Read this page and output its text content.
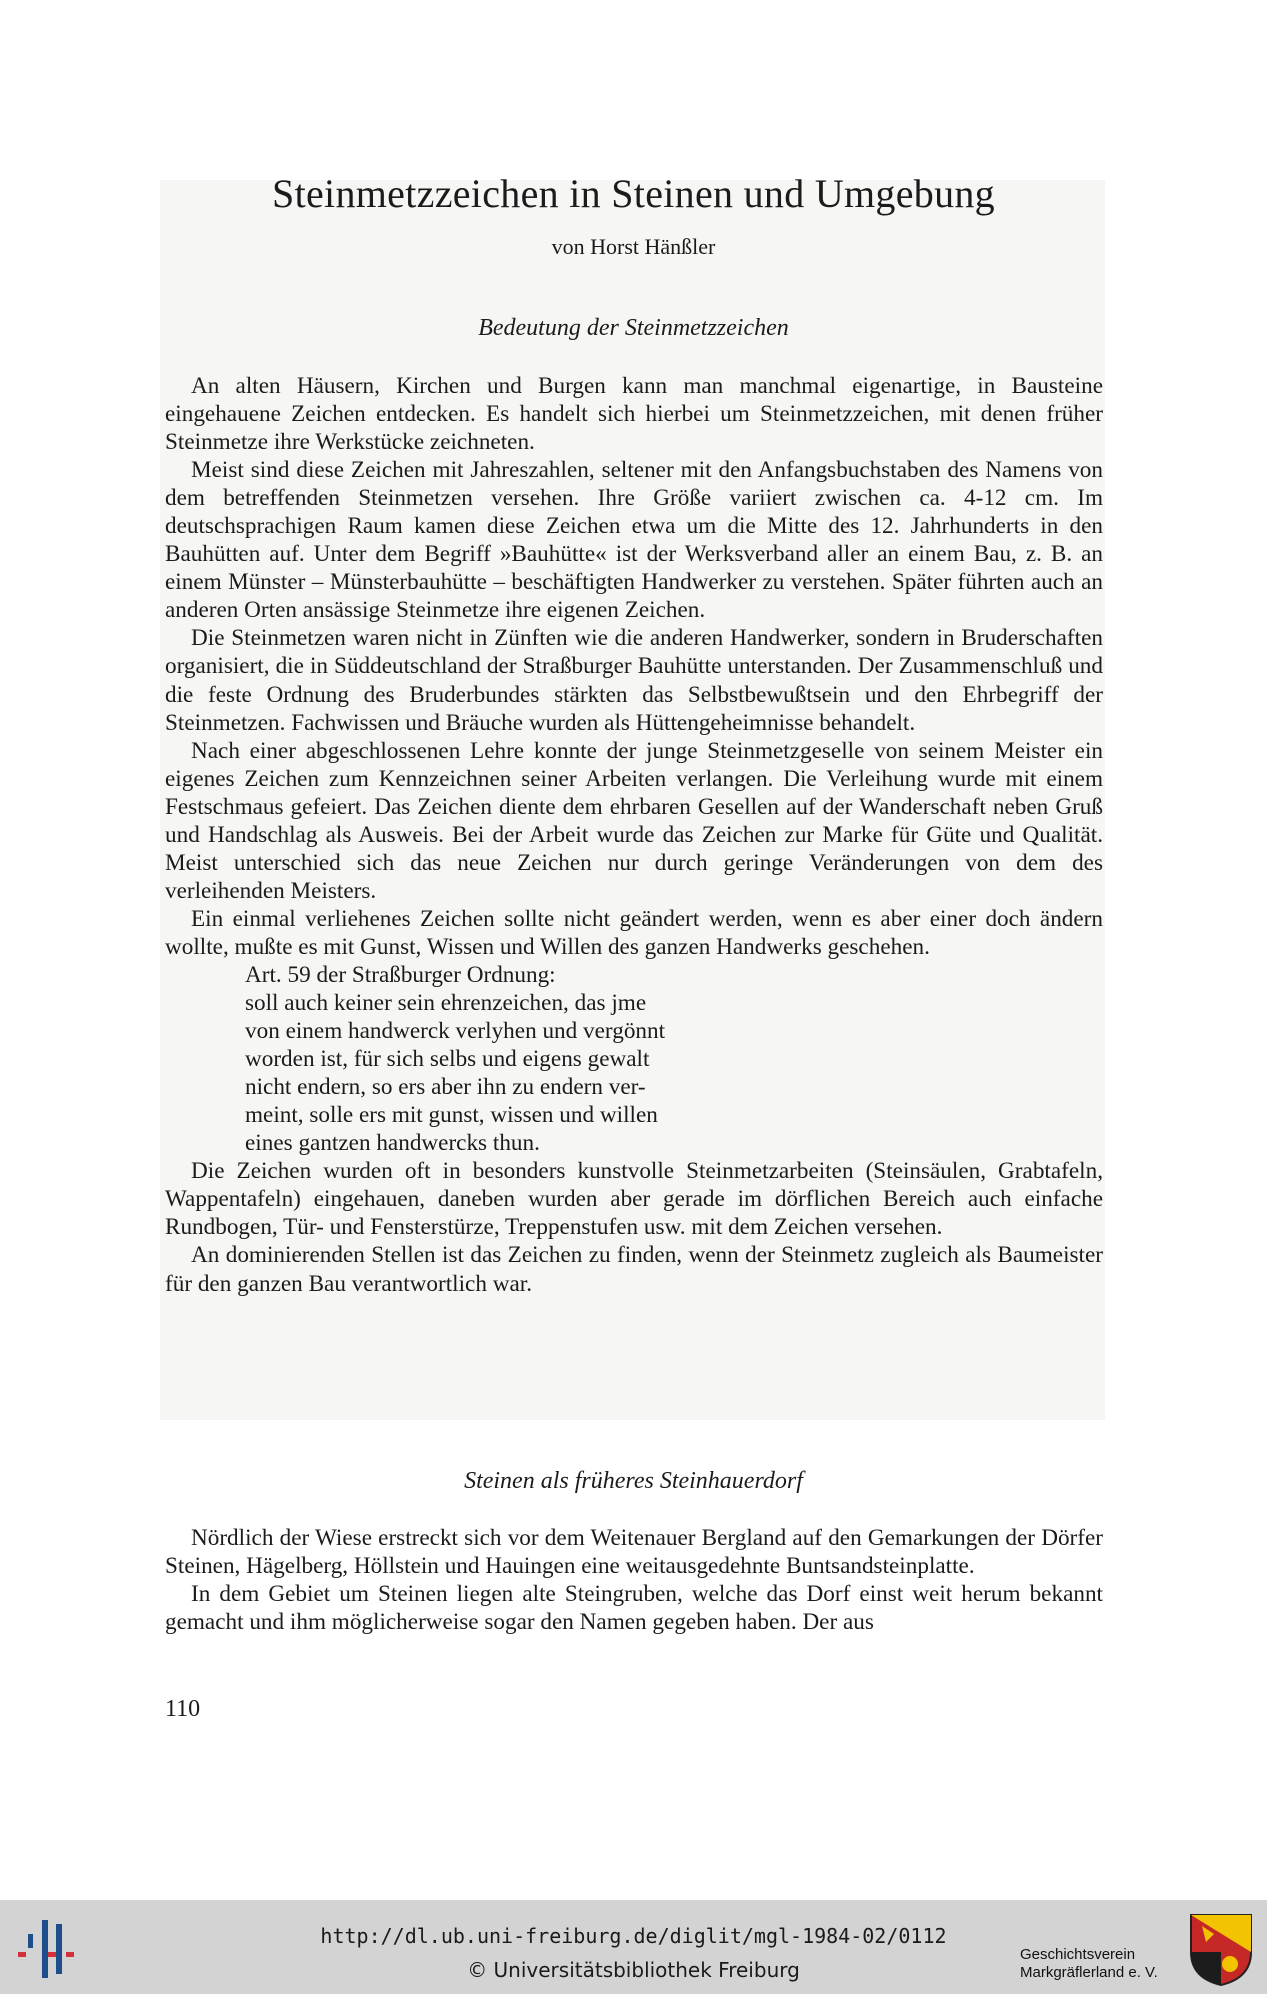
Steinmetzzeichen in Steinen und Umgebung
von Horst Hänßler
Bedeutung der Steinmetzzeichen

An alten Häusern, Kirchen und Burgen kann man manchmal eigenartige, in Bausteine eingehauene Zeichen entdecken. Es handelt sich hierbei um Steinmetzzeichen, mit denen früher Steinmetze ihre Werkstücke zeichneten.

Meist sind diese Zeichen mit Jahreszahlen, seltener mit den Anfangsbuchstaben des Namens von dem betreffenden Steinmetzen versehen. Ihre Größe variiert zwischen ca. 4-12 cm. Im deutschsprachigen Raum kamen diese Zeichen etwa um die Mitte des 12. Jahrhunderts in den Bauhütten auf. Unter dem Begriff »Bauhütte« ist der Werksverband aller an einem Bau, z. B. an einem Münster – Münsterbauhütte – beschäftigten Handwerker zu verstehen. Später führten auch an anderen Orten ansässige Steinmetze ihre eigenen Zeichen.

Die Steinmetzen waren nicht in Zünften wie die anderen Handwerker, sondern in Bruderschaften organisiert, die in Süddeutschland der Straßburger Bauhütte unterstanden. Der Zusammenschluß und die feste Ordnung des Bruderbundes stärkten das Selbstbewußtsein und den Ehrbegriff der Steinmetzen. Fachwissen und Bräuche wurden als Hüttengeheimnisse behandelt.

Nach einer abgeschlossenen Lehre konnte der junge Steinmetzgeselle von seinem Meister ein eigenes Zeichen zum Kennzeichnen seiner Arbeiten verlangen. Die Verleihung wurde mit einem Festschmaus gefeiert. Das Zeichen diente dem ehrbaren Gesellen auf der Wanderschaft neben Gruß und Handschlag als Ausweis. Bei der Arbeit wurde das Zeichen zur Marke für Güte und Qualität. Meist unterschied sich das neue Zeichen nur durch geringe Veränderungen von dem des verleihenden Meisters.

Ein einmal verliehenes Zeichen sollte nicht geändert werden, wenn es aber einer doch ändern wollte, mußte es mit Gunst, Wissen und Willen des ganzen Handwerks geschehen.

Art. 59 der Straßburger Ordnung:
soll auch keiner sein ehrenzeichen, das jme
von einem handwerck verlyhen und vergönnt
worden ist, für sich selbs und eigens gewalt
nicht endern, so ers aber ihn zu endern ver-
meint, solle ers mit gunst, wissen und willen
eines gantzen handwercks thun.

Die Zeichen wurden oft in besonders kunstvolle Steinmetzarbeiten (Steinsäulen, Grabtafeln, Wappentafeln) eingehauen, daneben wurden aber gerade im dörflichen Bereich auch einfache Rundbogen, Tür- und Fensterstürze, Treppenstufen usw. mit dem Zeichen versehen.

An dominierenden Stellen ist das Zeichen zu finden, wenn der Steinmetz zugleich als Baumeister für den ganzen Bau verantwortlich war.

Steinen als früheres Steinhauerdorf

Nördlich der Wiese erstreckt sich vor dem Weitenauer Bergland auf den Gemarkungen der Dörfer Steinen, Hägelberg, Höllstein und Hauingen eine weitausgedehnte Buntsandsteinplatte.

In dem Gebiet um Steinen liegen alte Steingruben, welche das Dorf einst weit herum bekannt gemacht und ihm möglicherweise sogar den Namen gegeben haben. Der aus

110
http://dl.ub.uni-freiburg.de/diglit/mgl-1984-02/0112
© Universitätsbibliothek Freiburg
Geschichtsverein
Markgräflerland e. V.
